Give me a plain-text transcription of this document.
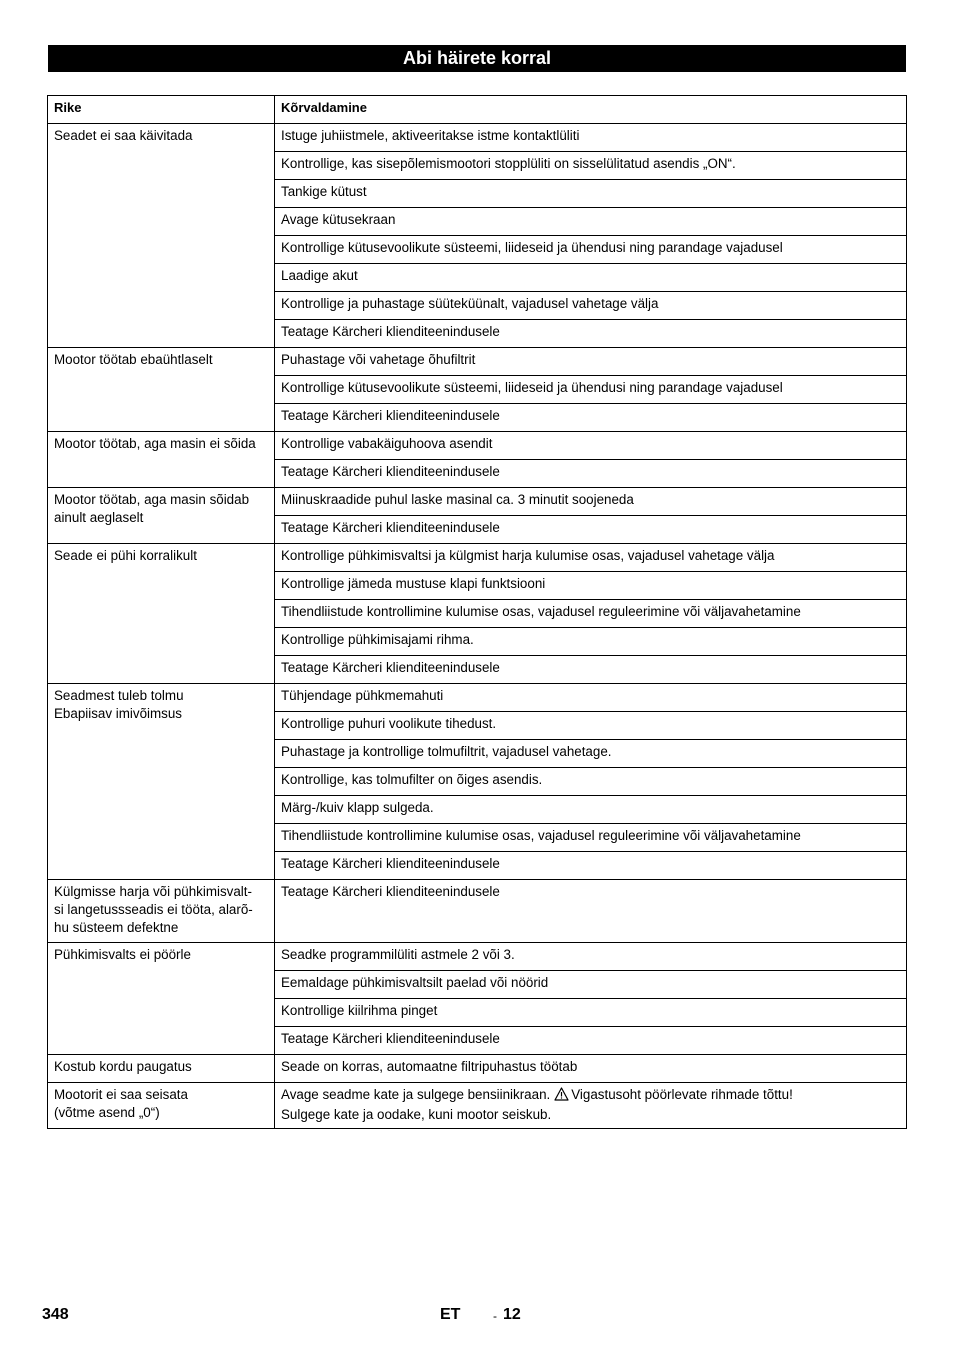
Abi häirete korral
Rike	Kõrvaldamine
Seadet ei saa käivitada	Istuge juhiistmele, aktiveeritakse istme kontaktlüliti
	Kontrollige, kas sisepõlemismootori stopplüliti on sisselülitatud asendis „ON“.
	Tankige kütust
	Avage kütusekraan
	Kontrollige kütusevoolikute süsteemi, liideseid ja ühendusi ning parandage vajadusel
	Laadige akut
	Kontrollige ja puhastage süüteküünalt, vajadusel vahetage välja
	Teatage Kärcheri klienditeenindusele
Mootor töötab ebaühtlaselt	Puhastage või vahetage õhufiltrit
	Kontrollige kütusevoolikute süsteemi, liideseid ja ühendusi ning parandage vajadusel
	Teatage Kärcheri klienditeenindusele
Mootor töötab, aga masin ei sõida	Kontrollige vabakäiguhoova asendit
	Teatage Kärcheri klienditeenindusele
Mootor töötab, aga masin sõidab ainult aeglaselt	Miinuskraadide puhul laske masinal ca. 3 minutit soojeneda
	Teatage Kärcheri klienditeenindusele
Seade ei pühi korralikult	Kontrollige pühkimisvaltsi ja külgmist harja kulumise osas, vajadusel vahetage välja
	Kontrollige jämeda mustuse klapi funktsiooni
	Tihendliistude kontrollimine kulumise osas, vajadusel reguleerimine või väljavahetamine
	Kontrollige pühkimisajami rihma.
	Teatage Kärcheri klienditeenindusele
Seadmest tuleb tolmu
Ebapiisav imivõimsus	Tühjendage pühkmemahuti
	Kontrollige puhuri voolikute tihedust.
	Puhastage ja kontrollige tolmufiltrit, vajadusel vahetage.
	Kontrollige, kas tolmufilter on õiges asendis.
	Märg-/kuiv klapp sulgeda.
	Tihendliistude kontrollimine kulumise osas, vajadusel reguleerimine või väljavahetamine
	Teatage Kärcheri klienditeenindusele
Külgmisse harja või pühkimisvalt-
si langetussseadis ei tööta, alarõ-
hu süsteem defektne	Teatage Kärcheri klienditeenindusele
Pühkimisvalts ei pöörle	Seadke programmilüliti astmele 2 või 3.
	Eemaldage pühkimisvaltsilt paelad või nöörid
	Kontrollige kiilrihma pinget
	Teatage Kärcheri klienditeenindusele
Kostub kordu paugatus	Seade on korras, automaatne filtripuhastus töötab
Mootorit ei saa seisata
(võtme asend „0“)	Avage seadme kate ja sulgege bensiinikraan. Vigastusoht pöörlevate rihmade tõttu!
Sulgege kate ja oodake, kuni mootor seiskub.
348	ET	- 12
